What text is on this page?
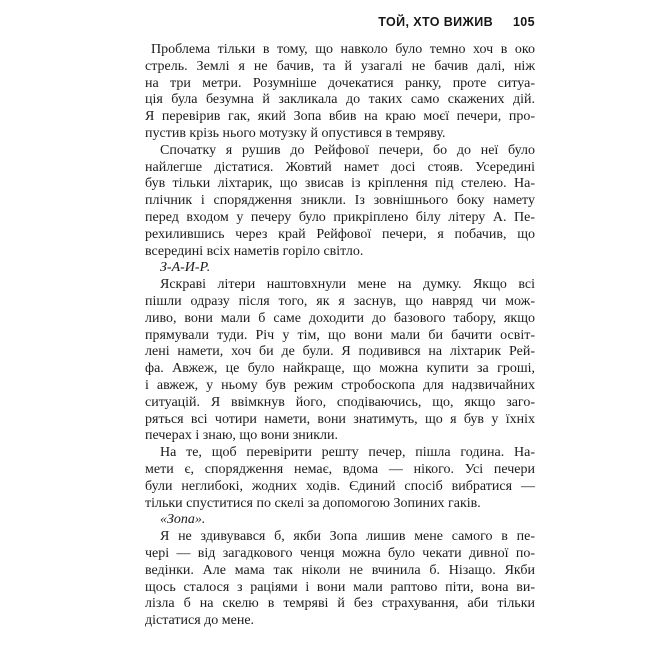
ТОЙ, ХТО ВИЖИВ 105

Проблема тільки в тому, що навколо було темно хоч в око
стрель. Землі я не бачив, та й узагалі не бачив далі, ніж
на три метри. Розумніше дочекатися ранку, проте ситуа-
ція була безумна й закликала до таких само скажених дій.
Я перевірив гак, який Зопа вбив на краю моєї печери, про-
пустив крізь нього мотузку й опустився в темряву.

Спочатку я рушив до Рейфової печери, бо до неї було
найлегше дістатися. Жовтий намет досі стояв. Усередині
був тільки ліхтарик, що звисав із кріплення під стелею. На-
плічник і спорядження зникли. Із зовнішнього боку намету
перед входом у печеру було прикріплено білу літеру А. Пе-
рехилившись через край Рейфової печери, я побачив, що
всередині всіх наметів горіло світло.

З-А-И-Р.

Яскраві літери наштовхнули мене на думку. Якщо всі
пішли одразу після того, як я заснув, що навряд чи мож-
ливо, вони мали б саме доходити до базового табору, якщо
прямували туди. Річ у тім, що вони мали би бачити освіт-
лені намети, хоч би де були. Я подивився на ліхтарик Рей-
фа. Авжеж, це було найкраще, що можна купити за гроші,
і авжеж, у ньому був режим стробоскопа для надзвичайних
ситуацій. Я ввімкнув його, сподіваючись, що, якщо заго-
ряться всі чотири намети, вони знатимуть, що я був у їхніх
печерах і знаю, що вони зникли.

На те, щоб перевірити решту печер, пішла година. На-
мети є, спорядження немає, вдома — нікого. Усі печери
були неглибокі, жодних ходів. Єдиний спосіб вибратися —
тільки спуститися по скелі за допомогою Зопиних гаків.

«Зопа».

Я не здивувався б, якби Зопа лишив мене самого в пе-
чері — від загадкового ченця можна було чекати дивної по-
ведінки. Але мама так ніколи не вчинила б. Нізащо. Якби
щось сталося з раціями і вони мали раптово піти, вона ви-
лізла б на скелю в темряві й без страхування, аби тільки
дістатися до мене.
